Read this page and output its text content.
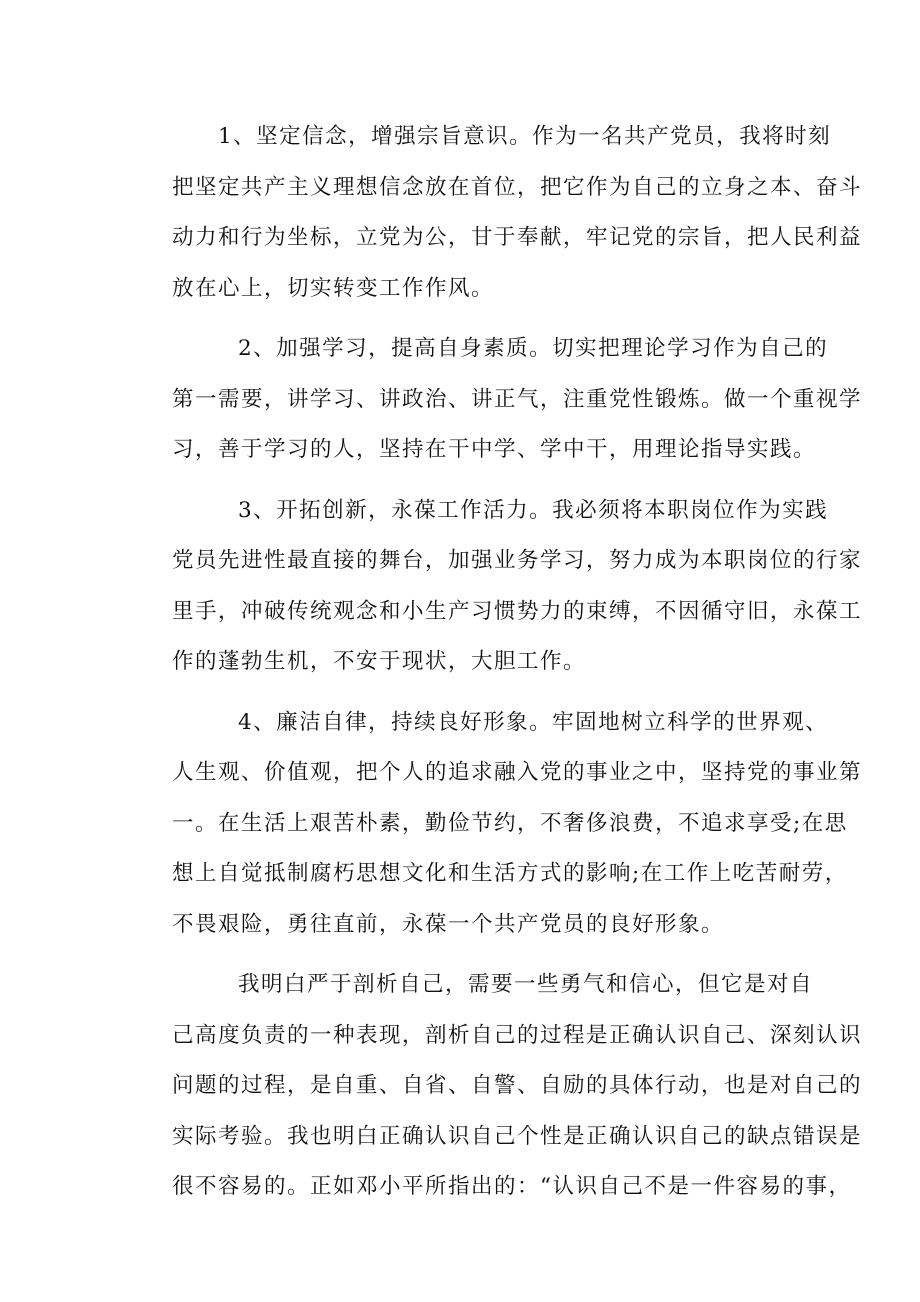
1、坚定信念，增强宗旨意识。作为一名共产党员，我将时刻
把坚定共产主义理想信念放在首位，把它作为自己的立身之本、奋斗
动力和行为坐标，立党为公，甘于奉献，牢记党的宗旨，把人民利益
放在心上，切实转变工作作风。

2、加强学习，提高自身素质。切实把理论学习作为自己的
第一需要，讲学习、讲政治、讲正气，注重党性锻炼。做一个重视学
习，善于学习的人，坚持在干中学、学中干，用理论指导实践。

3、开拓创新，永葆工作活力。我必须将本职岗位作为实践
党员先进性最直接的舞台，加强业务学习，努力成为本职岗位的行家
里手，冲破传统观念和小生产习惯势力的束缚，不因循守旧，永葆工
作的蓬勃生机，不安于现状，大胆工作。

4、廉洁自律，持续良好形象。牢固地树立科学的世界观、
人生观、价值观，把个人的追求融入党的事业之中，坚持党的事业第
一。在生活上艰苦朴素，勤俭节约，不奢侈浪费，不追求享受;在思
想上自觉抵制腐朽思想文化和生活方式的影响;在工作上吃苦耐劳，
不畏艰险，勇往直前，永葆一个共产党员的良好形象。

我明白严于剖析自己，需要一些勇气和信心，但它是对自
己高度负责的一种表现，剖析自己的过程是正确认识自己、深刻认识
问题的过程，是自重、自省、自警、自励的具体行动，也是对自己的
实际考验。我也明白正确认识自己个性是正确认识自己的缺点错误是
很不容易的。正如邓小平所指出的：“认识自己不是一件容易的事，
